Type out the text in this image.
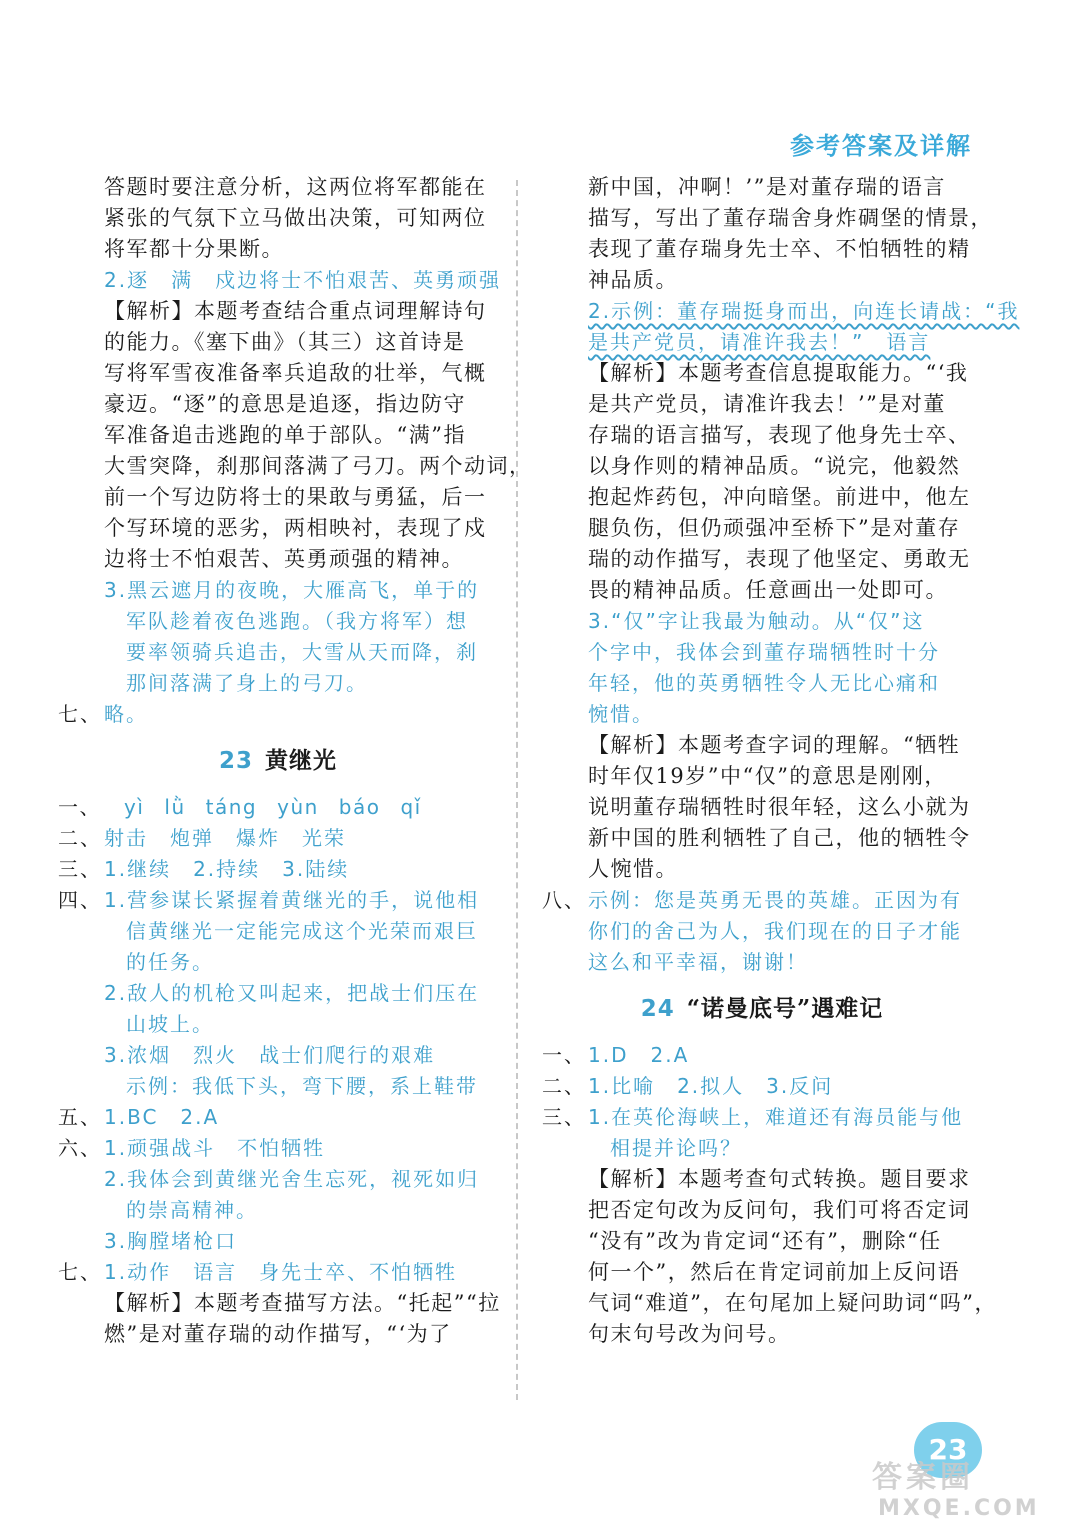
参考答案及详解
答题时要注意分析，这两位将军都能在
紧张的气氛下立马做出决策，可知两位
将军都十分果断。
2.逐　满　戍边将士不怕艰苦、英勇顽强
【解析】本题考查结合重点词理解诗句
的能力。《塞下曲》（其三）这首诗是
写将军雪夜准备率兵追敌的壮举，气概
豪迈。“逐”的意思是追逐，指边防守
军准备追击逃跑的单于部队。“满”指
大雪突降，刹那间落满了弓刀。两个动词，
前一个写边防将士的果敢与勇猛，后一
个写环境的恶劣，两相映衬，表现了戍
边将士不怕艰苦、英勇顽强的精神。
3.黑云遮月的夜晚，大雁高飞，单于的
军队趁着夜色逃跑。（我方将军）想
要率领骑兵追击，大雪从天而降，刹
那间落满了身上的弓刀。
七、 略。
23 黄继光
一、 yì lǜ táng yùn báo qǐ
二、 射击　炮弹　爆炸　光荣
三、 1.继续　2.持续　3.陆续
四、 1.营参谋长紧握着黄继光的手，说他相
信黄继光一定能完成这个光荣而艰巨
的任务。
2.敌人的机枪又叫起来，把战士们压在
山坡上。
3.浓烟　烈火　战士们爬行的艰难
示例：我低下头，弯下腰，系上鞋带
五、 1.BC　2.A
六、 1.顽强战斗　不怕牺牲
2.我体会到黄继光舍生忘死，视死如归
的崇高精神。
3.胸膛堵枪口
七、 1.动作　语言　身先士卒、不怕牺牲
【解析】本题考查描写方法。“托起”“拉
燃”是对董存瑞的动作描写，“‘为了
新中国，冲啊！’”是对董存瑞的语言
描写，写出了董存瑞舍身炸碉堡的情景，
表现了董存瑞身先士卒、不怕牺牲的精
神品质。
2.示例：董存瑞挺身而出，向连长请战：“我
是共产党员，请准许我去！”　语言
【解析】本题考查信息提取能力。“‘我
是共产党员，请准许我去！’”是对董
存瑞的语言描写，表现了他身先士卒、
以身作则的精神品质。“说完，他毅然
抱起炸药包，冲向暗堡。前进中，他左
腿负伤，但仍顽强冲至桥下”是对董存
瑞的动作描写，表现了他坚定、勇敢无
畏的精神品质。任意画出一处即可。
3.“仅”字让我最为触动。从“仅”这
个字中，我体会到董存瑞牺牲时十分
年轻，他的英勇牺牲令人无比心痛和
惋惜。
【解析】本题考查字词的理解。“牺牲
时年仅19岁”中“仅”的意思是刚刚，
说明董存瑞牺牲时很年轻，这么小就为
新中国的胜利牺牲了自己，他的牺牲令
人惋惜。
八、 示例：您是英勇无畏的英雄。正因为有
你们的舍己为人，我们现在的日子才能
这么和平幸福，谢谢！
24 “诺曼底号”遇难记
一、 1.D　2.A
二、 1.比喻　2.拟人　3.反问
三、 1.在英伦海峡上，难道还有海员能与他
相提并论吗？
【解析】本题考查句式转换。题目要求
把否定句改为反问句，我们可将否定词
“没有”改为肯定词“还有”，删除“任
何一个”，然后在肯定词前加上反问语
气词“难道”，在句尾加上疑问助词“吗”，
句末句号改为问号。
23
答案圈
MXQE.COM
